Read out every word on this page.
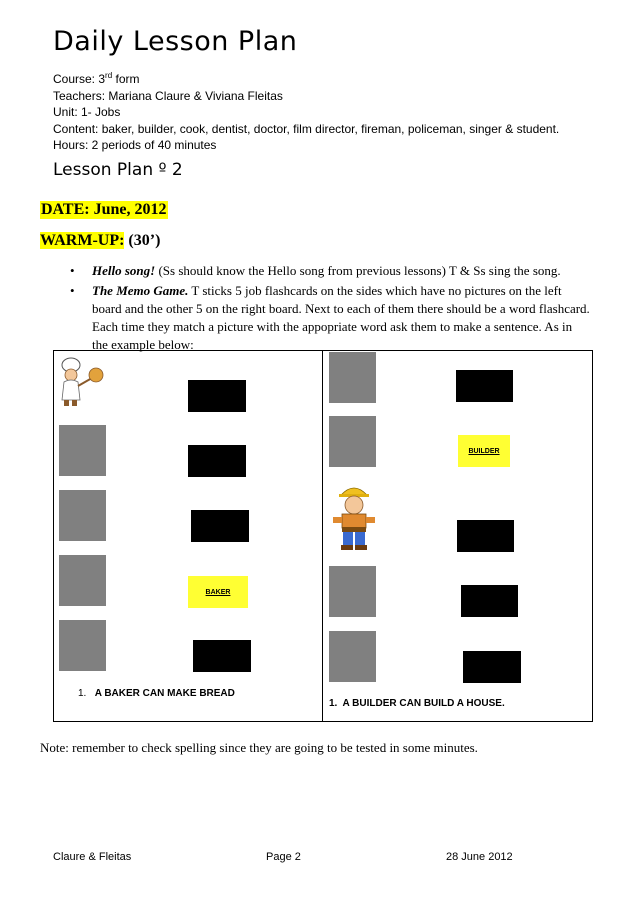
Daily Lesson Plan
Course: 3rd form
Teachers: Mariana Claure & Viviana Fleitas
Unit: 1- Jobs
Content: baker, builder, cook, dentist, doctor, film director, fireman, policeman, singer & student.
Hours: 2 periods of 40 minutes
Lesson Plan º 2
DATE: June, 2012
WARM-UP: (30’)
• Hello song! (Ss should know the Hello song from previous lessons) T & Ss sing the song.
• The Memo Game. T sticks 5 job flashcards on the sides which have no pictures on the left board and the other 5 on the right board. Next to each of them there should be a word flashcard. Each time they match a picture with the appopriate word ask them to make a sentence. As in the example below:
BAKER
1. A BAKER CAN MAKE BREAD
BUILDER
1.  A BUILDER CAN BUILD A HOUSE.
Note: remember to check spelling since they are going to be tested in some minutes.
Claure & Fleitas	Page 2	28 June 2012
